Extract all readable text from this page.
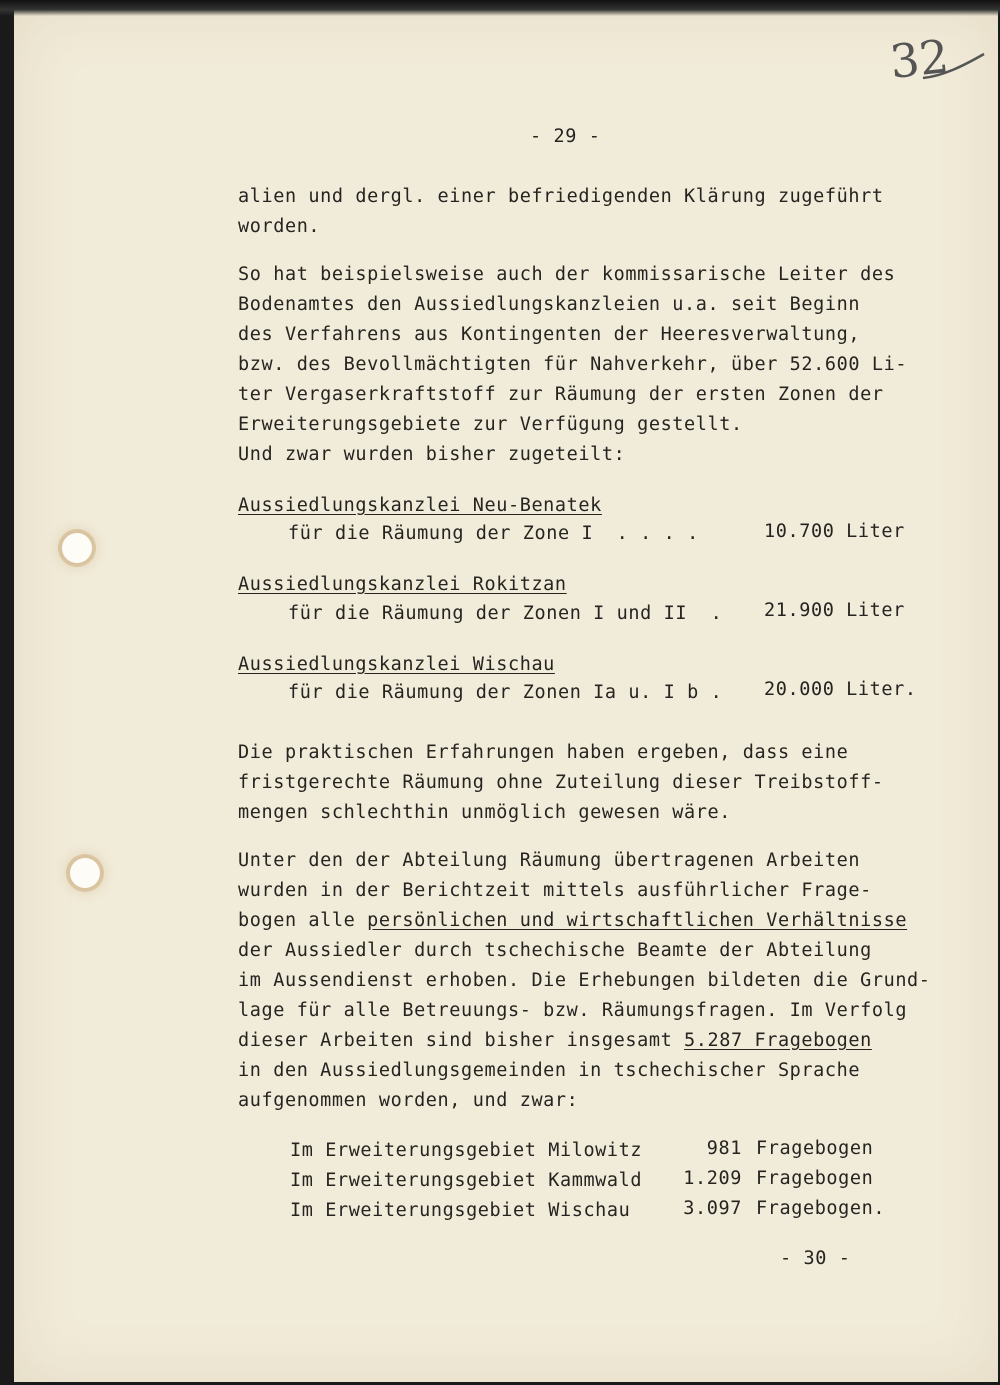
32
- 29 -
alien und dergl. einer befriedigenden Klärung zugeführt
worden.
So hat beispielsweise auch der kommissarische Leiter des
Bodenamtes den Aussiedlungskanzleien u.a. seit Beginn
des Verfahrens aus Kontingenten der Heeresverwaltung,
bzw. des Bevollmächtigten für Nahverkehr, über 52.600 Li-
ter Vergaserkraftstoff zur Räumung der ersten Zonen der
Erweiterungsgebiete zur Verfügung gestellt.
Und zwar wurden bisher zugeteilt:
Aussiedlungskanzlei Neu-Benatek
für die Räumung der Zone I  . . . .	10.700 Liter
Aussiedlungskanzlei Rokitzan
für die Räumung der Zonen I und II  . 21.900 Liter
Aussiedlungskanzlei Wischau
für die Räumung der Zonen Ia u. I b . 20.000 Liter.
Die praktischen Erfahrungen haben ergeben, dass eine
fristgerechte Räumung ohne Zuteilung dieser Treibstoff-
mengen schlechthin unmöglich gewesen wäre.
Unter den der Abteilung Räumung übertragenen Arbeiten
wurden in der Berichtzeit mittels ausführlicher Frage-
bogen alle persönlichen und wirtschaftlichen Verhältnisse
der Aussiedler durch tschechische Beamte der Abteilung
im Aussendienst erhoben. Die Erhebungen bildeten die Grund-
lage für alle Betreuungs- bzw. Räumungsfragen. Im Verfolg
dieser Arbeiten sind bisher insgesamt 5.287 Fragebogen
in den Aussiedlungsgemeinden in tschechischer Sprache
aufgenommen worden, und zwar:
Im Erweiterungsgebiet Milowitz	981 Fragebogen
Im Erweiterungsgebiet Kammwald 1.209 Fragebogen
Im Erweiterungsgebiet Wischau	3.097 Fragebogen.
- 30 -
